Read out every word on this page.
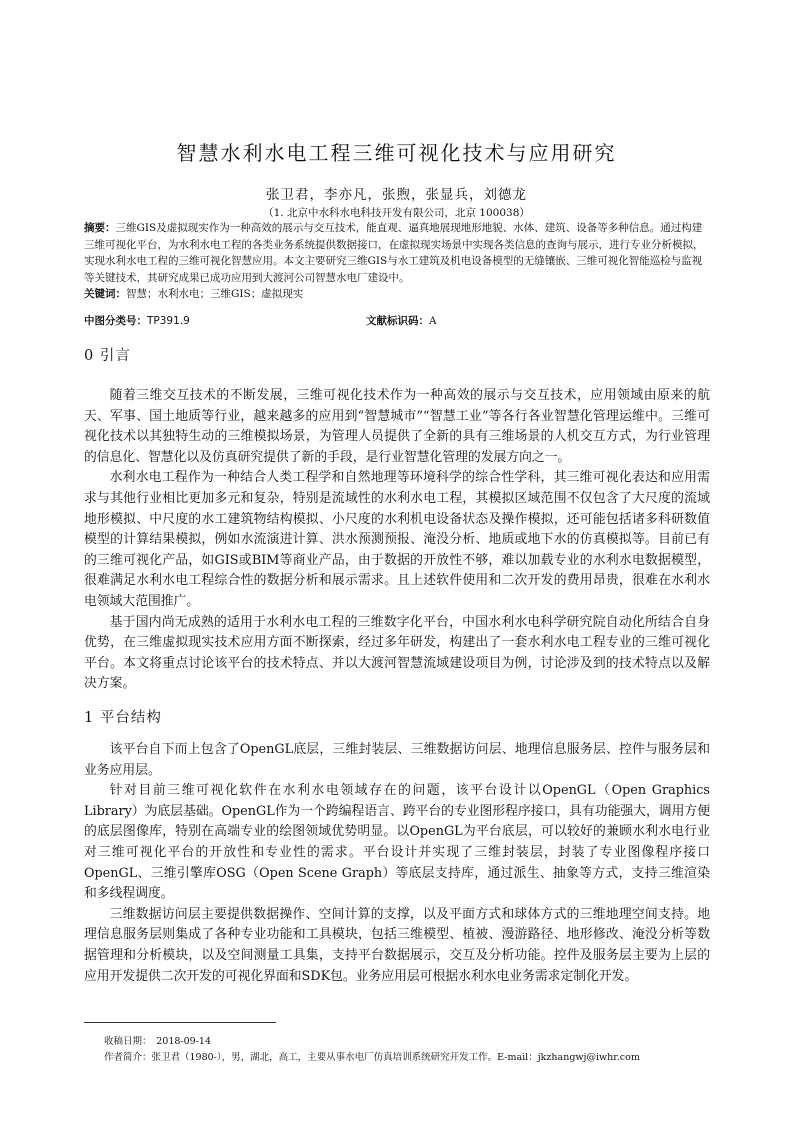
智慧水利水电工程三维可视化技术与应用研究
张卫君，李亦凡，张煦，张显兵，刘德龙
（1. 北京中水科水电科技开发有限公司，北京 100038）
摘要：三维GIS及虚拟现实作为一种高效的展示与交互技术，能直观、逼真地展现地形地貌、水体、建筑、设备等多种信息。通过构建三维可视化平台，为水利水电工程的各类业务系统提供数据接口，在虚拟现实场景中实现各类信息的查询与展示，进行专业分析模拟，实现水利水电工程的三维可视化智慧应用。本文主要研究三维GIS与水工建筑及机电设备模型的无缝镶嵌、三维可视化智能巡检与监视等关键技术，其研究成果已成功应用到大渡河公司智慧水电厂建设中。
关键词：智慧；水利水电；三维GIS；虚拟现实
中图分类号：TP391.9	文献标识码：A
0 引言

随着三维交互技术的不断发展，三维可视化技术作为一种高效的展示与交互技术，应用领域由原来的航天、军事、国土地质等行业，越来越多的应用到“智慧城市”“智慧工业”等各行各业智慧化管理运维中。三维可视化技术以其独特生动的三维模拟场景，为管理人员提供了全新的具有三维场景的人机交互方式，为行业管理的信息化、智慧化以及仿真研究提供了新的手段，是行业智慧化管理的发展方向之一。

水利水电工程作为一种结合人类工程学和自然地理等环境科学的综合性学科，其三维可视化表达和应用需求与其他行业相比更加多元和复杂，特别是流域性的水利水电工程，其模拟区域范围不仅包含了大尺度的流域地形模拟、中尺度的水工建筑物结构模拟、小尺度的水利机电设备状态及操作模拟，还可能包括诸多科研数值模型的计算结果模拟，例如水流演进计算、洪水预测预报、淹没分析、地质或地下水的仿真模拟等。目前已有的三维可视化产品，如GIS或BIM等商业产品，由于数据的开放性不够，难以加载专业的水利水电数据模型，很难满足水利水电工程综合性的数据分析和展示需求。且上述软件使用和二次开发的费用昂贵，很难在水利水电领域大范围推广。

基于国内尚无成熟的适用于水利水电工程的三维数字化平台，中国水利水电科学研究院自动化所结合自身优势，在三维虚拟现实技术应用方面不断探索，经过多年研发，构建出了一套水利水电工程专业的三维可视化平台。本文将重点讨论该平台的技术特点、并以大渡河智慧流域建设项目为例，讨论涉及到的技术特点以及解决方案。

1 平台结构

该平台自下而上包含了OpenGL底层，三维封装层、三维数据访问层、地理信息服务层、控件与服务层和业务应用层。

针对目前三维可视化软件在水利水电领域存在的问题，该平台设计以OpenGL（Open Graphics Library）为底层基础。OpenGL作为一个跨编程语言、跨平台的专业图形程序接口，具有功能强大，调用方便的底层图像库，特别在高端专业的绘图领域优势明显。以OpenGL为平台底层，可以较好的兼顾水利水电行业对三维可视化平台的开放性和专业性的需求。平台设计并实现了三维封装层，封装了专业图像程序接口OpenGL、三维引擎库OSG（Open Scene Graph）等底层支持库，通过派生、抽象等方式，支持三维渲染和多线程调度。

三维数据访问层主要提供数据操作、空间计算的支撑，以及平面方式和球体方式的三维地理空间支持。地理信息服务层则集成了各种专业功能和工具模块，包括三维模型、植被、漫游路径、地形修改、淹没分析等数据管理和分析模块，以及空间测量工具集，支持平台数据展示，交互及分析功能。控件及服务层主要为上层的应用开发提供二次开发的可视化界面和SDK包。业务应用层可根据水利水电业务需求定制化开发。

收稿日期：　2018-09-14
作者简介：张卫君（1980-），男，湖北，高工，主要从事水电厂仿真培训系统研究开发工作。E-mail：jkzhangwj@iwhr.com
